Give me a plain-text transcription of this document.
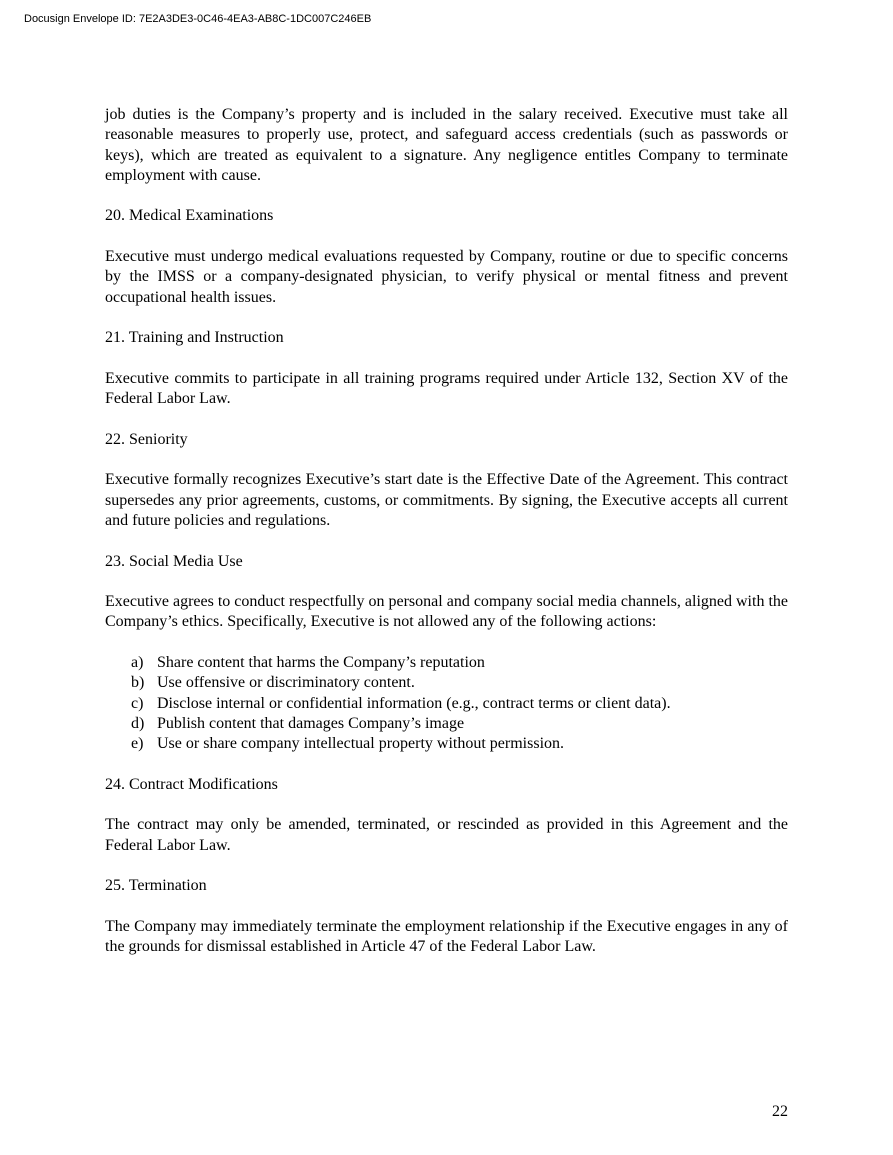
Docusign Envelope ID: 7E2A3DE3-0C46-4EA3-AB8C-1DC007C246EB

job duties is the Company’s property and is included in the salary received. Executive must take all reasonable measures to properly use, protect, and safeguard access credentials (such as passwords or keys), which are treated as equivalent to a signature. Any negligence entitles Company to terminate employment with cause.

20. Medical Examinations

Executive must undergo medical evaluations requested by Company, routine or due to specific concerns by the IMSS or a company-designated physician, to verify physical or mental fitness and prevent occupational health issues.

21. Training and Instruction

Executive commits to participate in all training programs required under Article 132, Section XV of the Federal Labor Law.

22. Seniority

Executive formally recognizes Executive’s start date is the Effective Date of the Agreement. This contract supersedes any prior agreements, customs, or commitments. By signing, the Executive accepts all current and future policies and regulations.

23. Social Media Use

Executive agrees to conduct respectfully on personal and company social media channels, aligned with the Company’s ethics. Specifically, Executive is not allowed any of the following actions:

a) Share content that harms the Company’s reputation
b) Use offensive or discriminatory content.
c) Disclose internal or confidential information (e.g., contract terms or client data).
d) Publish content that damages Company’s image
e) Use or share company intellectual property without permission.

24. Contract Modifications

The contract may only be amended, terminated, or rescinded as provided in this Agreement and the Federal Labor Law.

25. Termination

The Company may immediately terminate the employment relationship if the Executive engages in any of the grounds for dismissal established in Article 47 of the Federal Labor Law.

22
